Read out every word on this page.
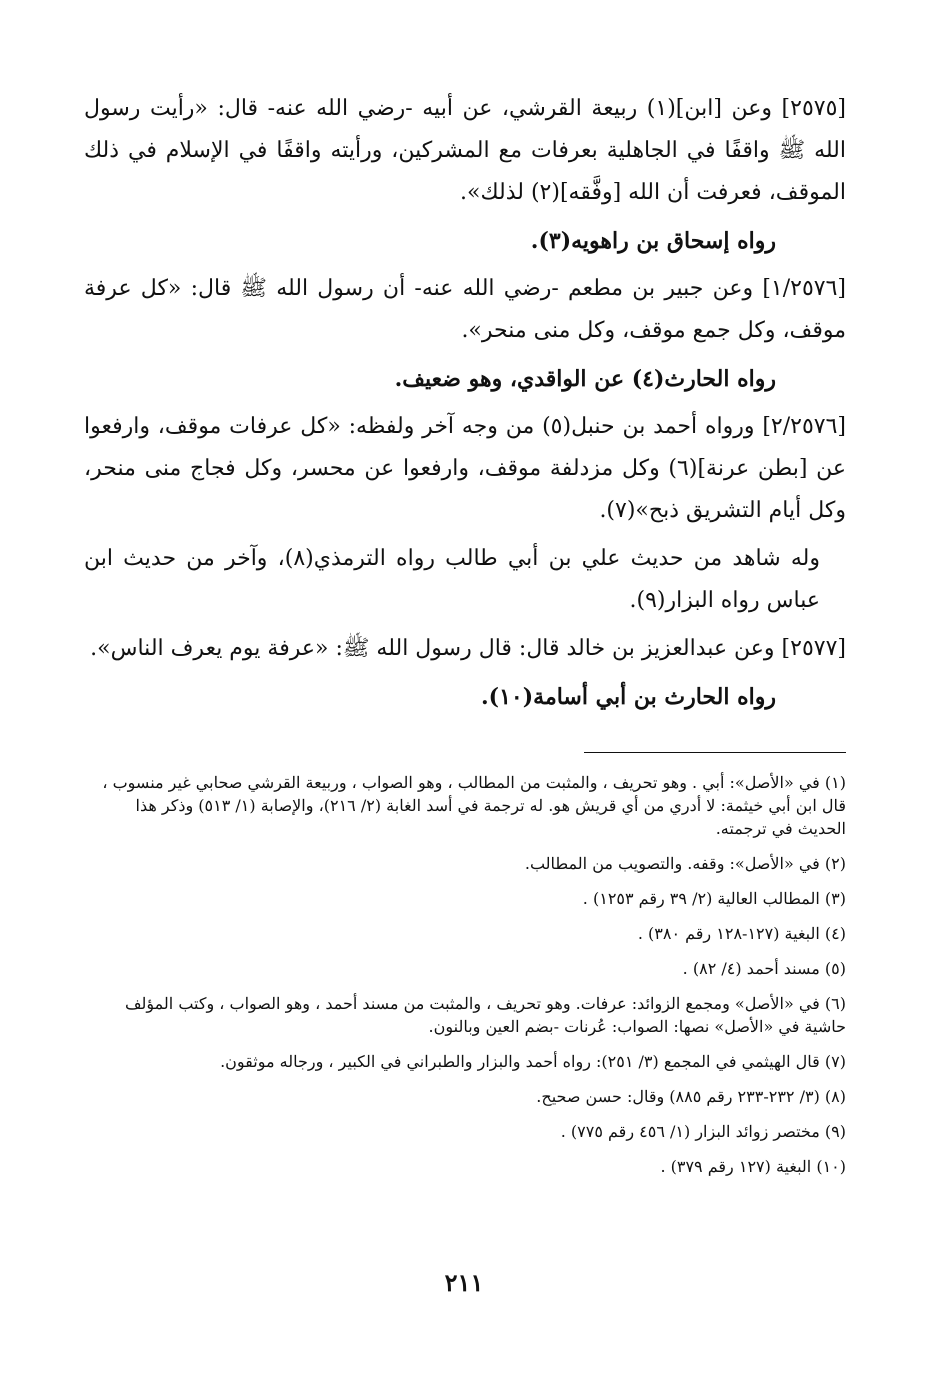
[٢٥٧٥] وعن [ابن](١) ربيعة القرشي، عن أبيه -رضي الله عنه- قال: «رأيت رسول الله ﷺ واقفًا في الجاهلية بعرفات مع المشركين، ورأيته واقفًا في الإسلام في ذلك الموقف، فعرفت أن الله [وفَّقه](٢) لذلك».

رواه إسحاق بن راهويه(٣).

[١/٢٥٧٦] وعن جبير بن مطعم -رضي الله عنه- أن رسول الله ﷺ قال: «كل عرفة موقف، وكل جمع موقف، وكل منى منحر».

رواه الحارث(٤) عن الواقدي، وهو ضعيف.

[٢/٢٥٧٦] ورواه أحمد بن حنبل(٥) من وجه آخر ولفظه: «كل عرفات موقف، وارفعوا عن [بطن عرنة](٦) وكل مزدلفة موقف، وارفعوا عن محسر، وكل فجاج منى منحر، وكل أيام التشريق ذبح»(٧).

وله شاهد من حديث علي بن أبي طالب رواه الترمذي(٨)، وآخر من حديث ابن عباس رواه البزار(٩).

[٢٥٧٧] وعن عبدالعزيز بن خالد قال: قال رسول الله ﷺ: «عرفة يوم يعرف الناس».

رواه الحارث بن أبي أسامة(١٠).

(١) في «الأصل»: أبي . وهو تحريف ، والمثبت من المطالب ، وهو الصواب ، وربيعة القرشي صحابي غير منسوب ، قال ابن أبي خيثمة: لا أدري من أي قريش هو. له ترجمة في أسد الغابة (٢/ ٢١٦)، والإصابة (١/ ٥١٣) وذكر هذا الحديث في ترجمته.

(٢) في «الأصل»: وقفه. والتصويب من المطالب.

(٣) المطالب العالية (٢/ ٣٩ رقم ١٢٥٣) .

(٤) البغية (١٢٧-١٢٨ رقم ٣٨٠) .

(٥) مسند أحمد (٤/ ٨٢) .

(٦) في «الأصل» ومجمع الزوائد: عرفات. وهو تحريف ، والمثبت من مسند أحمد ، وهو الصواب ، وكتب المؤلف حاشية في «الأصل» نصها: الصواب: عُرنات -بضم العين وبالنون.

(٧) قال الهيثمي في المجمع (٣/ ٢٥١): رواه أحمد والبزار والطبراني في الكبير ، ورجاله موثقون.

(٨) (٣/ ٢٣٢-٢٣٣ رقم ٨٨٥) وقال: حسن صحيح.

(٩) مختصر زوائد البزار (١/ ٤٥٦ رقم ٧٧٥) .

(١٠) البغية (١٢٧ رقم ٣٧٩) .

٢١١
